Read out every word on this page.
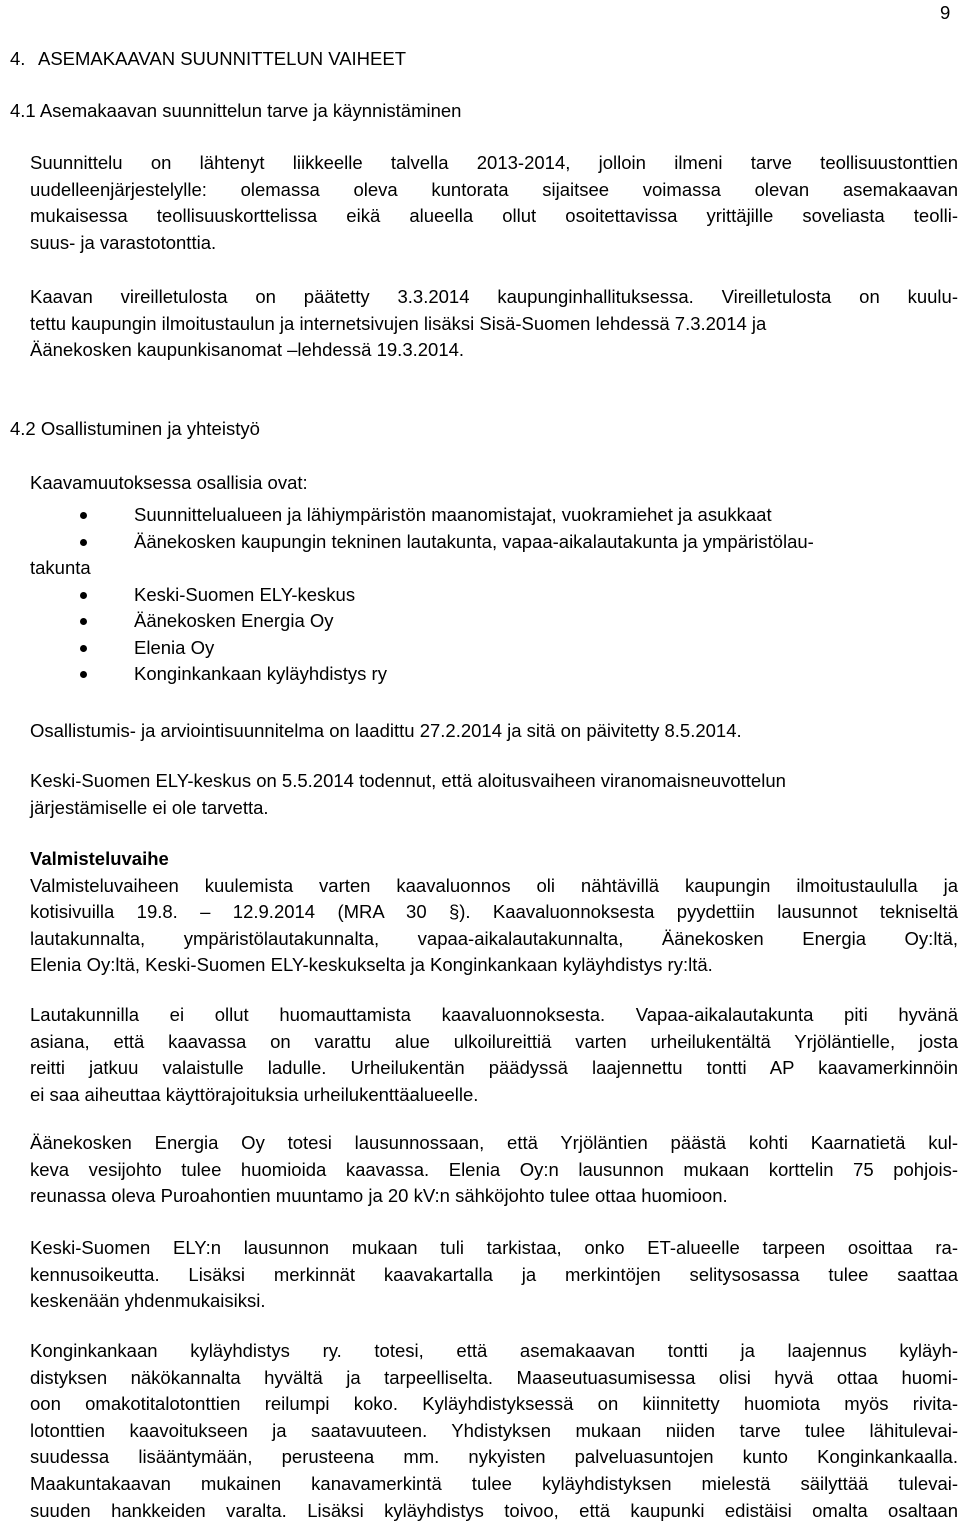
9
4. ASEMAKAAVAN SUUNNITTELUN VAIHEET
4.1 Asemakaavan suunnittelun tarve ja käynnistäminen
Suunnittelu on lähtenyt liikkeelle talvella 2013-2014, jolloin ilmeni tarve teollisuustonttien
uudelleenjärjestelylle: olemassa oleva kuntorata sijaitsee voimassa olevan asemakaavan
mukaisessa teollisuuskorttelissa eikä alueella ollut osoitettavissa yrittäjille soveliasta teolli-
suus- ja varastotonttia.
Kaavan vireilletulosta on päätetty 3.3.2014 kaupunginhallituksessa. Vireilletulosta on kuulu-
tettu kaupungin ilmoitustaulun ja internetsivujen lisäksi Sisä-Suomen lehdessä 7.3.2014 ja
Äänekosken kaupunkisanomat –lehdessä 19.3.2014.
4.2 Osallistuminen ja yhteistyö
Kaavamuutoksessa osallisia ovat:
Suunnittelualueen ja lähiympäristön maanomistajat, vuokramiehet ja asukkaat
Äänekosken kaupungin tekninen lautakunta, vapaa-aikalautakunta ja ympäristölau-
takunta
Keski-Suomen ELY-keskus
Äänekosken Energia Oy
Elenia Oy
Konginkankaan kyläyhdistys ry
Osallistumis- ja arviointisuunnitelma on laadittu 27.2.2014 ja sitä on päivitetty 8.5.2014.
Keski-Suomen ELY-keskus on 5.5.2014 todennut, että aloitusvaiheen viranomaisneuvottelun
järjestämiselle ei ole tarvetta.
Valmisteluvaihe
Valmisteluvaiheen kuulemista varten kaavaluonnos oli nähtävillä kaupungin ilmoitustaululla ja
kotisivuilla 19.8. – 12.9.2014 (MRA 30 §). Kaavaluonnoksesta pyydettiin lausunnot tekniseltä
lautakunnalta, ympäristölautakunnalta, vapaa-aikalautakunnalta, Äänekosken Energia Oy:ltä,
Elenia Oy:ltä, Keski-Suomen ELY-keskukselta ja Konginkankaan kyläyhdistys ry:ltä.
Lautakunnilla ei ollut huomauttamista kaavaluonnoksesta. Vapaa-aikalautakunta piti hyvänä
asiana, että kaavassa on varattu alue ulkoilureittiä varten urheilukentältä Yrjöläntielle, josta
reitti jatkuu valaistulle ladulle. Urheilukentän päädyssä laajennettu tontti AP kaavamerkinnöin
ei saa aiheuttaa käyttörajoituksia urheilukenttäalueelle.
Äänekosken Energia Oy totesi lausunnossaan, että Yrjöläntien päästä kohti Kaarnatietä kul-
keva vesijohto tulee huomioida kaavassa. Elenia Oy:n lausunnon mukaan korttelin 75 pohjois-
reunassa oleva Puroahontien muuntamo ja 20 kV:n sähköjohto tulee ottaa huomioon.
Keski-Suomen ELY:n lausunnon mukaan tuli tarkistaa, onko ET-alueelle tarpeen osoittaa ra-
kennusoikeutta. Lisäksi merkinnät kaavakartalla ja merkintöjen selitysosassa tulee saattaa
keskenään yhdenmukaisiksi.
Konginkankaan kyläyhdistys ry. totesi, että asemakaavan tontti ja laajennus kyläyh-
distyksen näkökannalta hyvältä ja tarpeelliselta. Maaseutuasumisessa olisi hyvä ottaa huomi-
oon omakotitalotonttien reilumpi koko. Kyläyhdistyksessä on kiinnitetty huomiota myös rivita-
lotonttien kaavoitukseen ja saatavuuteen. Yhdistyksen mukaan niiden tarve tulee lähitulevai-
suudessa lisääntymään, perusteena mm. nykyisten palveluasuntojen kunto Konginkankaalla.
Maakuntakaavan mukainen kanavamerkintä tulee kyläyhdistyksen mielestä säilyttää tulevai-
suuden hankkeiden varalta. Lisäksi kyläyhdistys toivoo, että kaupunki edistäisi omalta osaltaan
